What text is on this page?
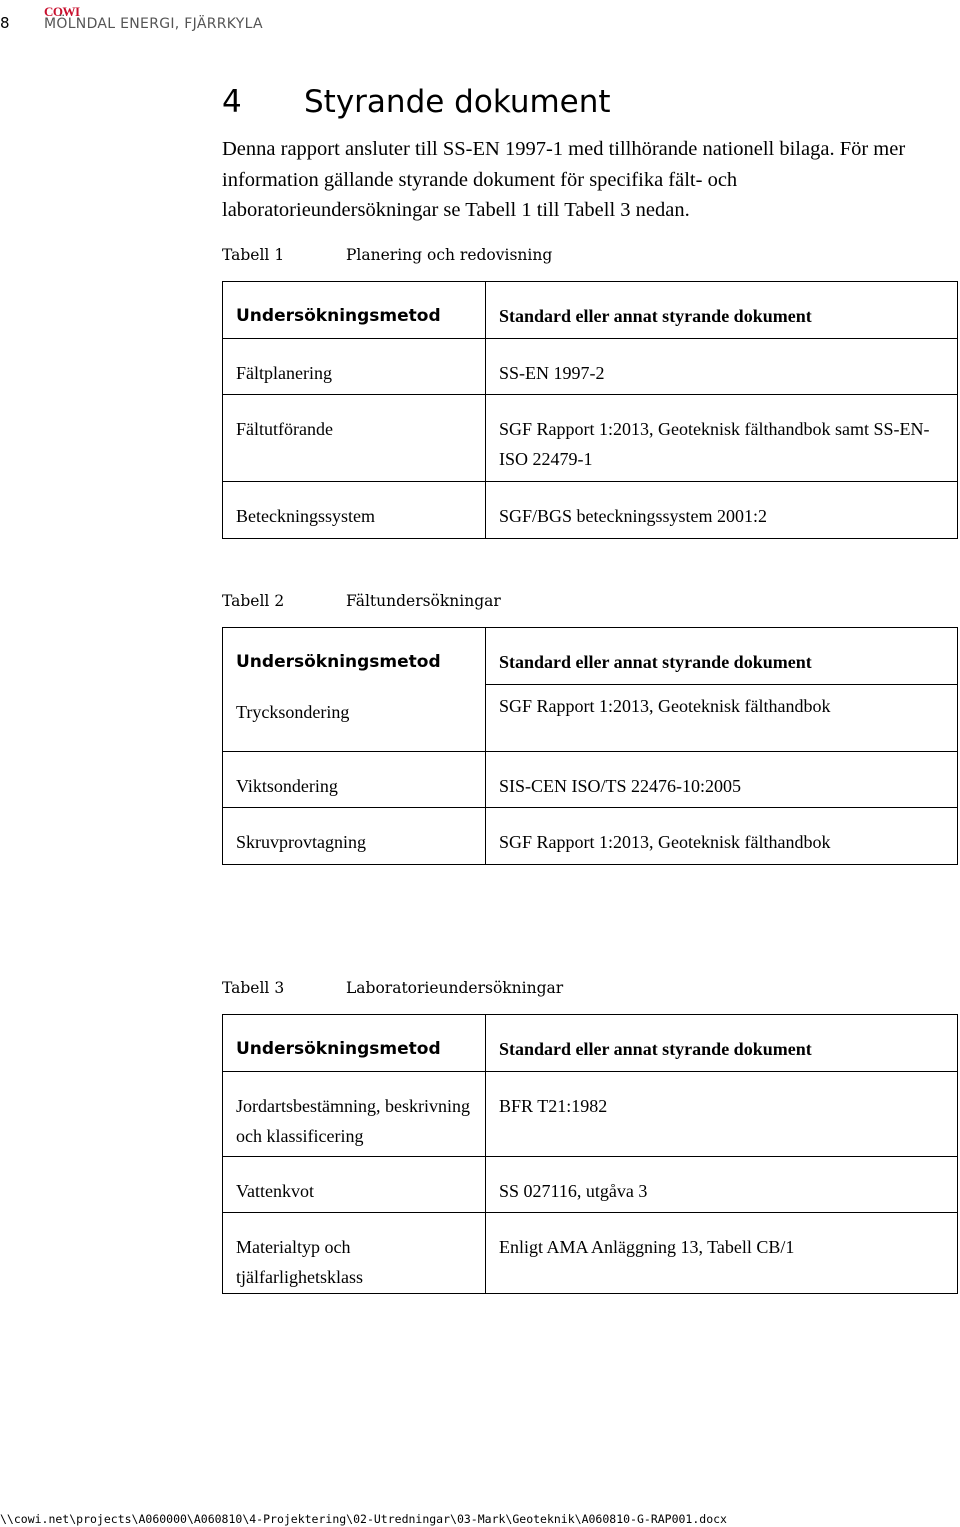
8
COWI
MÖLNDAL ENERGI, FJÄRRKYLA
4 Styrande dokument

Denna rapport ansluter till SS-EN 1997-1 med tillhörande nationell bilaga. För mer information gällande styrande dokument för specifika fält- och laboratorieundersökningar se Tabell 1 till Tabell 3 nedan.

Tabell 1	Planering och redovisning
Undersökningsmetod	Standard eller annat styrande dokument
Fältplanering	SS-EN 1997-2
Fältutförande	SGF Rapport 1:2013, Geoteknisk fälthandbok samt SS-EN-ISO 22479-1
Beteckningssystem	SGF/BGS beteckningssystem 2001:2
Tabell 2	Fältundersökningar
Undersökningsmetod	Standard eller annat styrande dokument
Trycksondering	SGF Rapport 1:2013, Geoteknisk fälthandbok
Viktsondering	SIS-CEN ISO/TS 22476-10:2005
Skruvprovtagning	SGF Rapport 1:2013, Geoteknisk fälthandbok
Tabell 3	Laboratorieundersökningar
Undersökningsmetod	Standard eller annat styrande dokument
Jordartsbestämning, beskrivning och klassificering	BFR T21:1982
Vattenkvot	SS 027116, utgåva 3
Materialtyp och tjälfarlighetsklass	Enligt AMA Anläggning 13, Tabell CB/1
\\cowi.net\projects\A060000\A060810\4-Projektering\02-Utredningar\03-Mark\Geoteknik\A060810-G-RAP001.docx
